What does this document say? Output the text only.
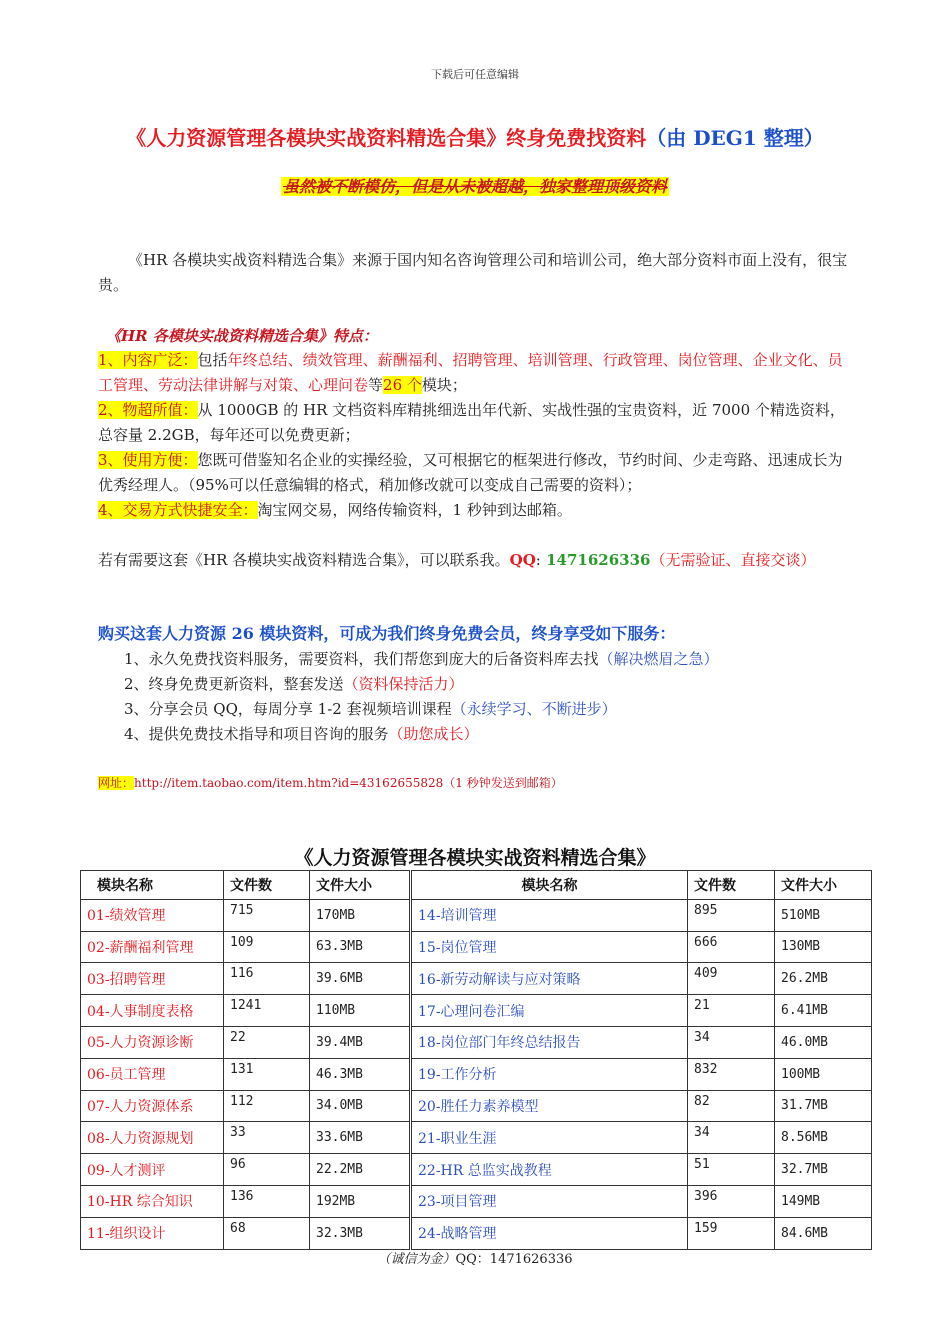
下载后可任意编辑
《人力资源管理各模块实战资料精选合集》终身免费找资料（由 DEG1 整理）
虽然被不断模仿，但是从未被超越，独家整理顶级资料
《HR 各模块实战资料精选合集》来源于国内知名咨询管理公司和培训公司，绝大部分资料市面上没有，很宝贵。
《HR 各模块实战资料精选合集》特点：
1、内容广泛：包括年终总结、绩效管理、薪酬福利、招聘管理、培训管理、行政管理、岗位管理、企业文化、员工管理、劳动法律讲解与对策、心理问卷等26 个模块；
2、物超所值：从 1000GB 的 HR 文档资料库精挑细选出年代新、实战性强的宝贵资料，近 7000 个精选资料，总容量 2.2GB，每年还可以免费更新；
3、使用方便：您既可借鉴知名企业的实操经验，又可根据它的框架进行修改，节约时间、少走弯路、迅速成长为优秀经理人。（95%可以任意编辑的格式，稍加修改就可以变成自己需要的资料）；
4、交易方式快捷安全：淘宝网交易，网络传输资料，1 秒钟到达邮箱。
若有需要这套《HR 各模块实战资料精选合集》，可以联系我。QQ: 1471626336（无需验证、直接交谈）
购买这套人力资源 26 模块资料，可成为我们终身免费会员，终身享受如下服务：
1、永久免费找资料服务，需要资料，我们帮您到庞大的后备资料库去找（解决燃眉之急）
2、终身免费更新资料，整套发送（资料保持活力）
3、分享会员 QQ，每周分享 1-2 套视频培训课程（永续学习、不断进步）
4、提供免费技术指导和项目咨询的服务（助您成长）
网址：http://item.taobao.com/item.htm?id=43162655828（1 秒钟发送到邮箱）
《人力资源管理各模块实战资料精选合集》
模块名称	文件数	文件大小	模块名称	文件数	文件大小
01-绩效管理	715	170MB	14-培训管理	895	510MB
02-薪酬福利管理	109	63.3MB	15-岗位管理	666	130MB
03-招聘管理	116	39.6MB	16-新劳动解读与应对策略	409	26.2MB
04-人事制度表格	1241	110MB	17-心理问卷汇编	21	6.41MB
05-人力资源诊断	22	39.4MB	18-岗位部门年终总结报告	34	46.0MB
06-员工管理	131	46.3MB	19-工作分析	832	100MB
07-人力资源体系	112	34.0MB	20-胜任力素养模型	82	31.7MB
08-人力资源规划	33	33.6MB	21-职业生涯	34	8.56MB
09-人才测评	96	22.2MB	22-HR 总监实战教程	51	32.7MB
10-HR 综合知识	136	192MB	23-项目管理	396	149MB
11-组织设计	68	32.3MB	24-战略管理	159	84.6MB
（诚信为金）QQ：1471626336
